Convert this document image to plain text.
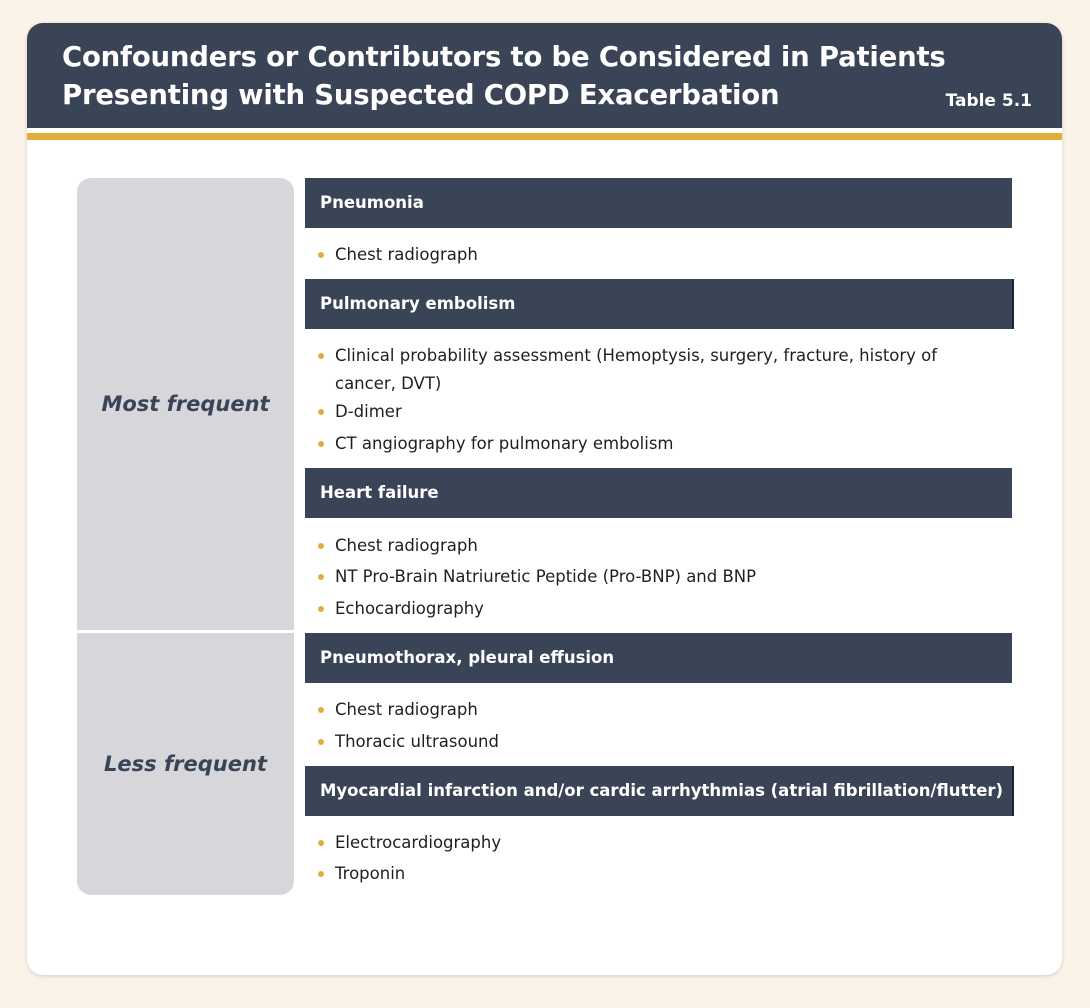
Confounders or Contributors to be Considered in Patients
Presenting with Suspected COPD Exacerbation	Table 5.1
Most frequent
Less frequent
Pneumonia
Chest radiograph
Pulmonary embolism
Clinical probability assessment (Hemoptysis, surgery, fracture, history of cancer, DVT)
D-dimer
CT angiography for pulmonary embolism
Heart failure
Chest radiograph
NT Pro-Brain Natriuretic Peptide (Pro-BNP) and BNP
Echocardiography
Pneumothorax, pleural effusion
Chest radiograph
Thoracic ultrasound
Myocardial infarction and/or cardic arrhythmias (atrial fibrillation/flutter)
Electrocardiography
Troponin
